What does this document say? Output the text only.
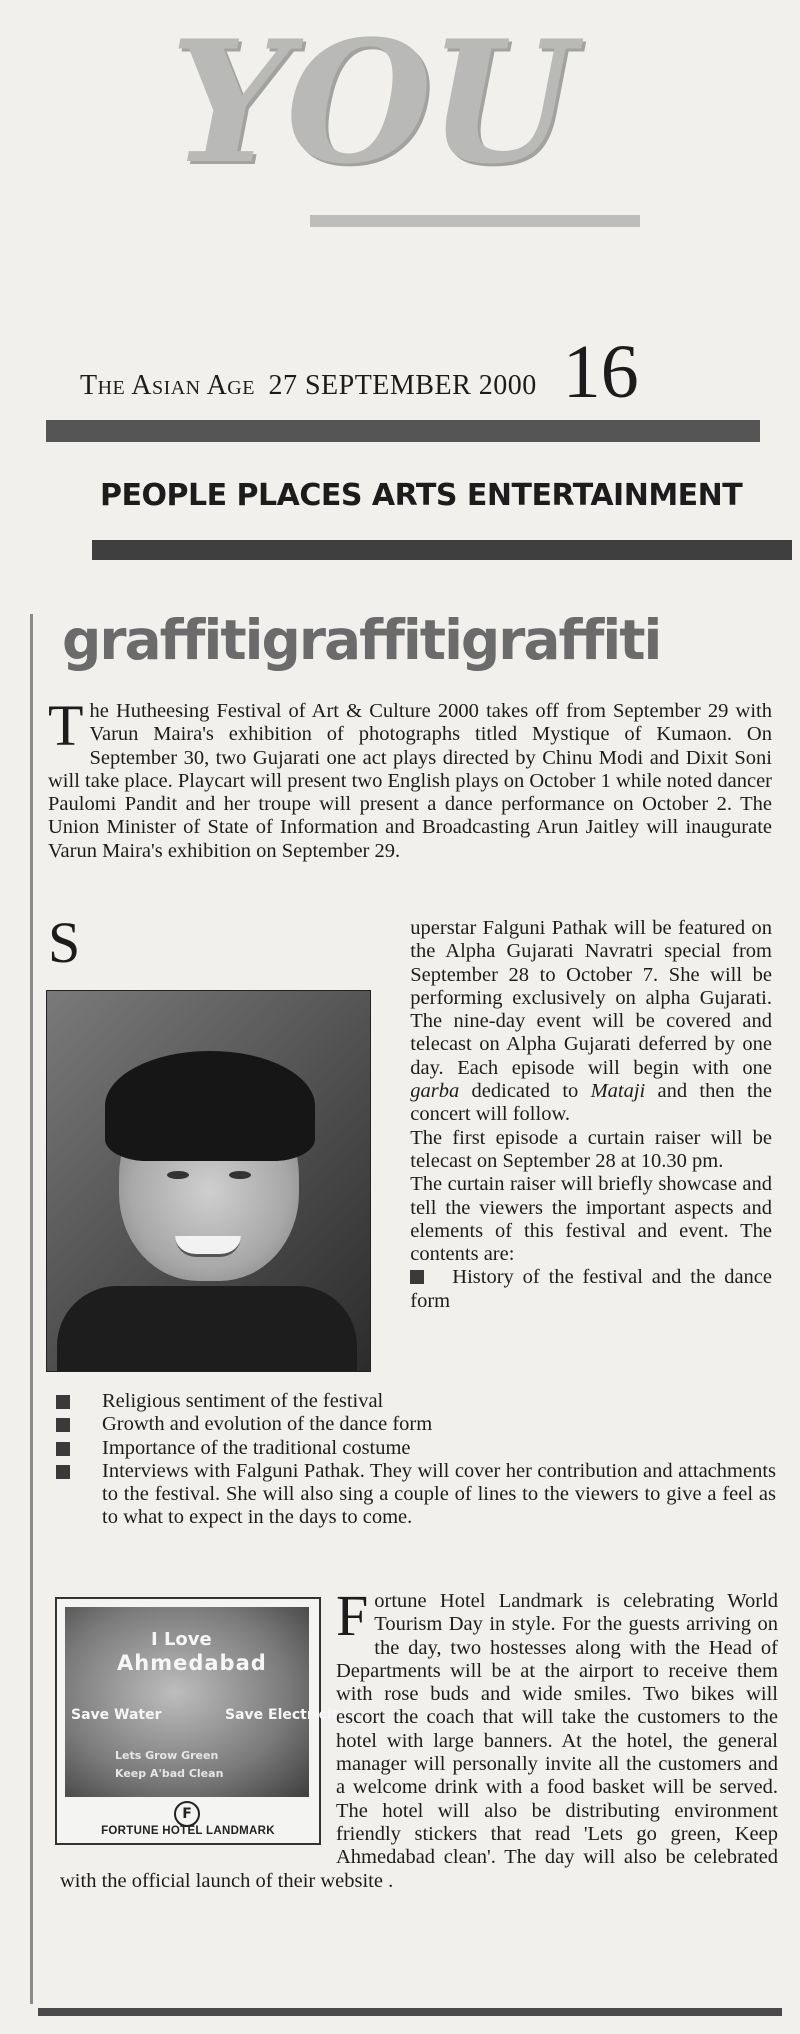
YOU
The Asian Age 27 SEPTEMBER 2000 16
PEOPLE PLACES ARTS ENTERTAINMENT
graffitigraffitigraffiti

The Hutheesing Festival of Art & Culture 2000 takes off from September 29 with Varun Maira's exhibition of photographs titled Mystique of Kumaon. On September 30, two Gujarati one act plays directed by Chinu Modi and Dixit Soni will take place. Playcart will present two English plays on October 1 while noted dancer Paulomi Pandit and her troupe will present a dance performance on October 2. The Union Minister of State of Information and Broadcasting Arun Jaitley will inaugurate Varun Maira's exhibition on September 29.

S	uperstar Falguni Pathak will be featured on the Alpha Gujarati Navratri special from September 28 to October 7. She will be performing exclusively on alpha Gujarati. The nine-day event will be covered and telecast on Alpha Gujarati deferred by one day. Each episode will begin with one garba dedicated to Mataji and then the concert will follow.
The first episode a curtain raiser will be telecast on September 28 at 10.30 pm.
The curtain raiser will briefly showcase and tell the viewers the important aspects and elements of this festival and event. The contents are:
History of the festival and the dance form

Religious sentiment of the festival
Growth and evolution of the dance form
Importance of the traditional costume
Interviews with Falguni Pathak. They will cover her contribution and attachments to the festival. She will also sing a couple of lines to the viewers to give a feel as to what to expect in the days to come.
I Love
Ahmedabad
Save Water	Save Electricity
Lets Grow Green
Keep A'bad Clean
F
FORTUNE HOTEL LANDMARK

Fortune Hotel Landmark is celebrating World Tourism Day in style. For the guests arriving on the day, two hostesses along with the Head of Departments will be at the airport to receive them with rose buds and wide smiles. Two bikes will escort the coach that will take the customers to the hotel with large banners. At the hotel, the general manager will personally invite all the customers and a welcome drink with a food basket will be served. The hotel will also be distributing environment friendly stickers that read 'Lets go green, Keep Ahmedabad clean'. The day will also be celebrated with the official launch of their website .
